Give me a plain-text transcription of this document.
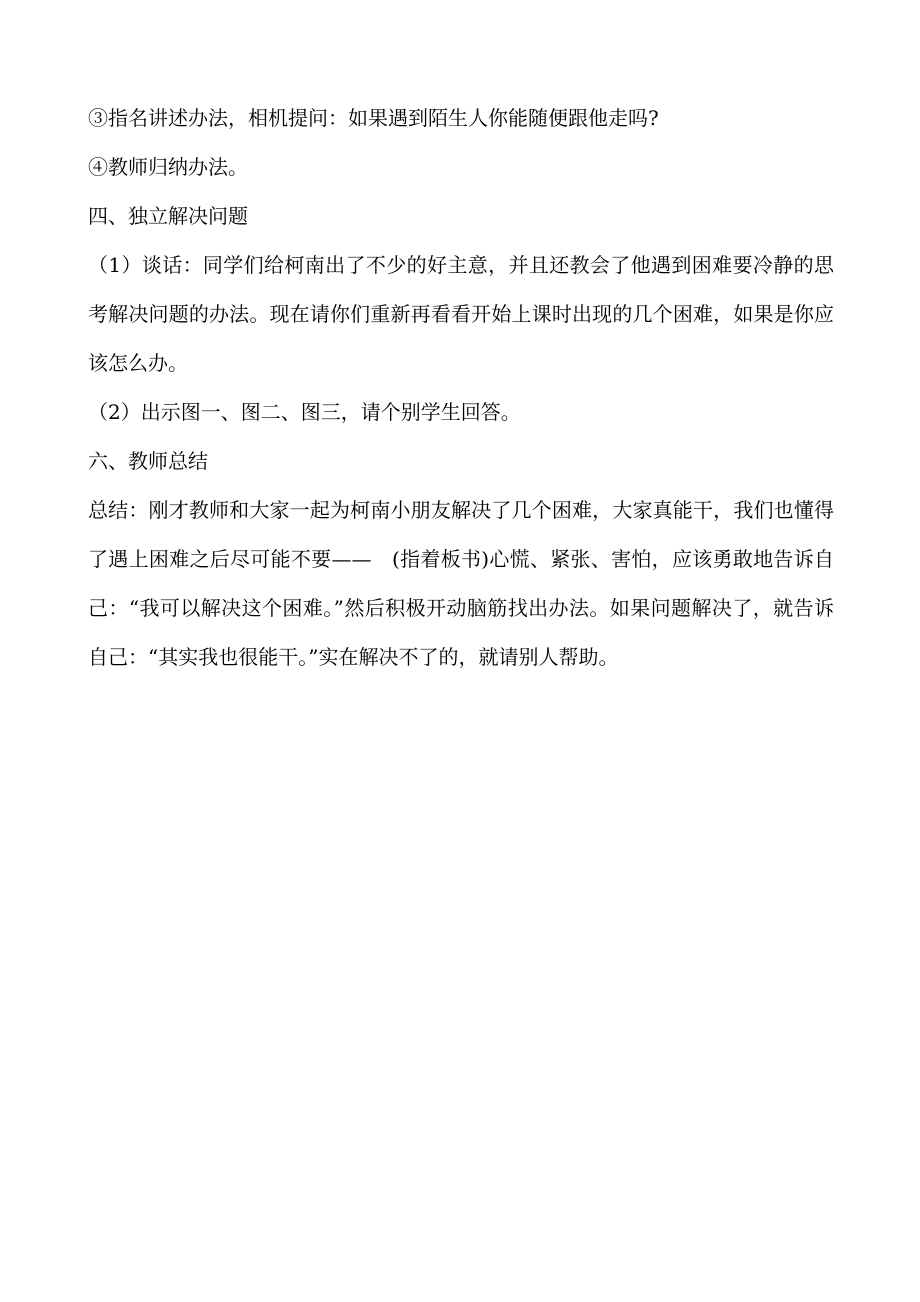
③指名讲述办法，相机提问：如果遇到陌生人你能随便跟他走吗?

④教师归纳办法。

四、独立解决问题

（1）谈话：同学们给柯南出了不少的好主意，并且还教会了他遇到困难要冷静的思考解决问题的办法。现在请你们重新再看看开始上课时出现的几个困难，如果是你应该怎么办。

（2）出示图一、图二、图三，请个别学生回答。

六、教师总结

总结：刚才教师和大家一起为柯南小朋友解决了几个困难，大家真能干，我们也懂得了遇上困难之后尽可能不要——　(指着板书)心慌、紧张、害怕，应该勇敢地告诉自己：“我可以解决这个困难。”然后积极开动脑筋找出办法。如果问题解决了，就告诉自己：“其实我也很能干。”实在解决不了的，就请别人帮助。
